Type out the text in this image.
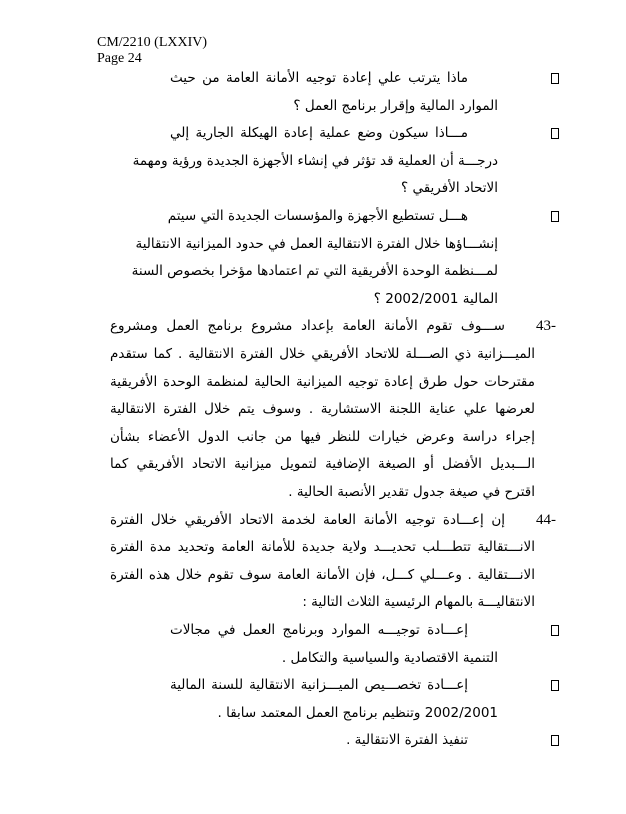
CM/2210 (LXXIV)
Page 24
ماذا يترتب علي إعادة توجيه الأمانة العامة من حيث
الموارد المالية وإقرار برنامج العمل ؟
مـــاذا سيكون وضع عملية إعادة الهيكلة الجارية إلي
درجـــة أن العملية قد تؤثر في إنشاء الأجهزة الجديدة ورؤية ومهمة
الاتحاد الأفريقي ؟
هـــل تستطيع الأجهزة والمؤسسات الجديدة التي سيتم
إنشـــاؤها خلال الفترة الانتقالية العمل في حدود الميزانية الانتقالية
لمـــنظمة الوحدة الأفريقية التي تم اعتمادها مؤخرا بخصوص السنة
المالية 2002/2001 ؟
43-
ســـوف تقوم الأمانة العامة بإعداد مشروع برنامج العمل ومشروع
الميـــزانية ذي الصـــلة للاتحاد الأفريقي خلال الفترة الانتقالية . كما ستقدم
مقترحات حول طرق إعادة توجيه الميزانية الحالية لمنظمة الوحدة الأفريقية
لعرضها علي عناية اللجنة الاستشارية . وسوف يتم خلال الفترة الانتقالية
إجراء دراسة وعرض خيارات للنظر فيها من جانب الدول الأعضاء بشأن
الـــبديل الأفضل أو الصيغة الإضافية لتمويل ميزانية الاتحاد الأفريقي كما
اقترح في صيغة جدول تقدير الأنصبة الحالية .
44-
إن إعـــادة توجيه الأمانة العامة لخدمة الاتحاد الأفريقي خلال الفترة
الانـــتقالية تتطـــلب تحديـــد ولاية جديدة للأمانة العامة وتحديد مدة الفترة
الانـــتقالية . وعـــلي كـــل، فإن الأمانة العامة سوف تقوم خلال هذه الفترة
الانتقاليـــة بالمهام الرئيسية الثلاث التالية :
إعـــادة توجيـــه الموارد وبرنامج العمل في مجالات
التنمية الاقتصادية والسياسية والتكامل .
إعـــادة تخصـــيص الميـــزانية الانتقالية للسنة المالية
2002/2001 وتنظيم برنامج العمل المعتمد سابقا .
تنفيذ الفترة الانتقالية .
